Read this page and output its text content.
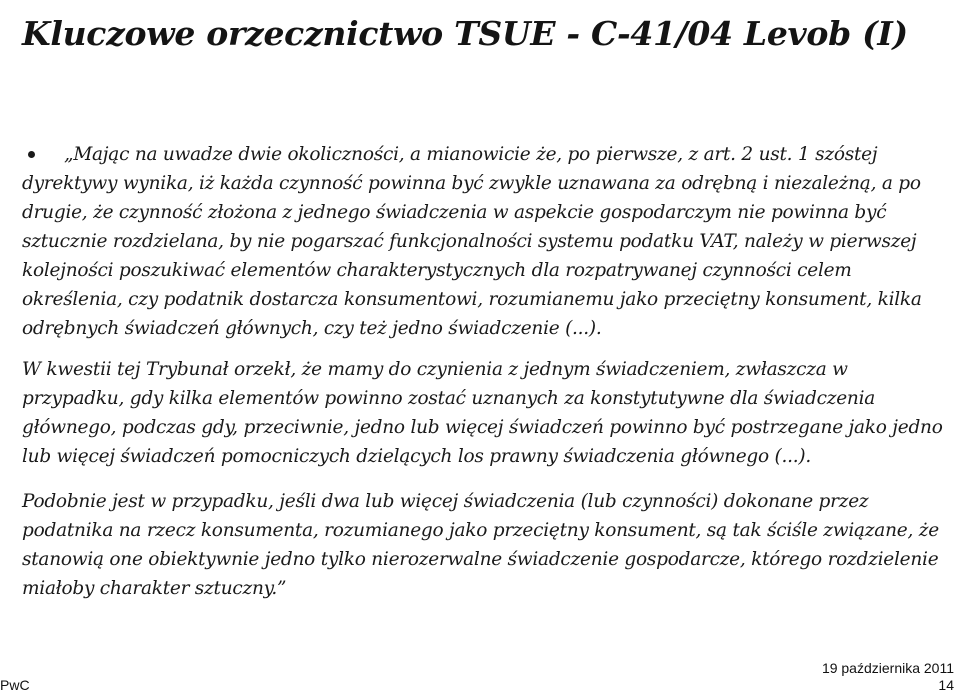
Kluczowe orzecznictwo TSUE - C-41/04 Levob (I)

„Mając na uwadze dwie okoliczności, a mianowicie że, po pierwsze, z art. 2 ust. 1 szóstej dyrektywy wynika, iż każda czynność powinna być zwykle uznawana za odrębną i niezależną, a po drugie, że czynność złożona z jednego świadczenia w aspekcie gospodarczym nie powinna być sztucznie rozdzielana, by nie pogarszać funkcjonalności systemu podatku VAT, należy w pierwszej kolejności poszukiwać elementów charakterystycznych dla rozpatrywanej czynności celem określenia, czy podatnik dostarcza konsumentowi, rozumianemu jako przeciętny konsument, kilka odrębnych świadczeń głównych, czy też jedno świadczenie (...).

W kwestii tej Trybunał orzekł, że mamy do czynienia z jednym świadczeniem, zwłaszcza w przypadku, gdy kilka elementów powinno zostać uznanych za konstytutywne dla świadczenia głównego, podczas gdy, przeciwnie, jedno lub więcej świadczeń powinno być postrzegane jako jedno lub więcej świadczeń pomocniczych dzielących los prawny świadczenia głównego (...).

Podobnie jest w przypadku, jeśli dwa lub więcej świadczenia (lub czynności) dokonane przez podatnika na rzecz konsumenta, rozumianego jako przeciętny konsument, są tak ściśle związane, że stanowią one obiektywnie jedno tylko nierozerwalne świadczenie gospodarcze, którego rozdzielenie miałoby charakter sztuczny.”

PwC
19 października 2011
14
